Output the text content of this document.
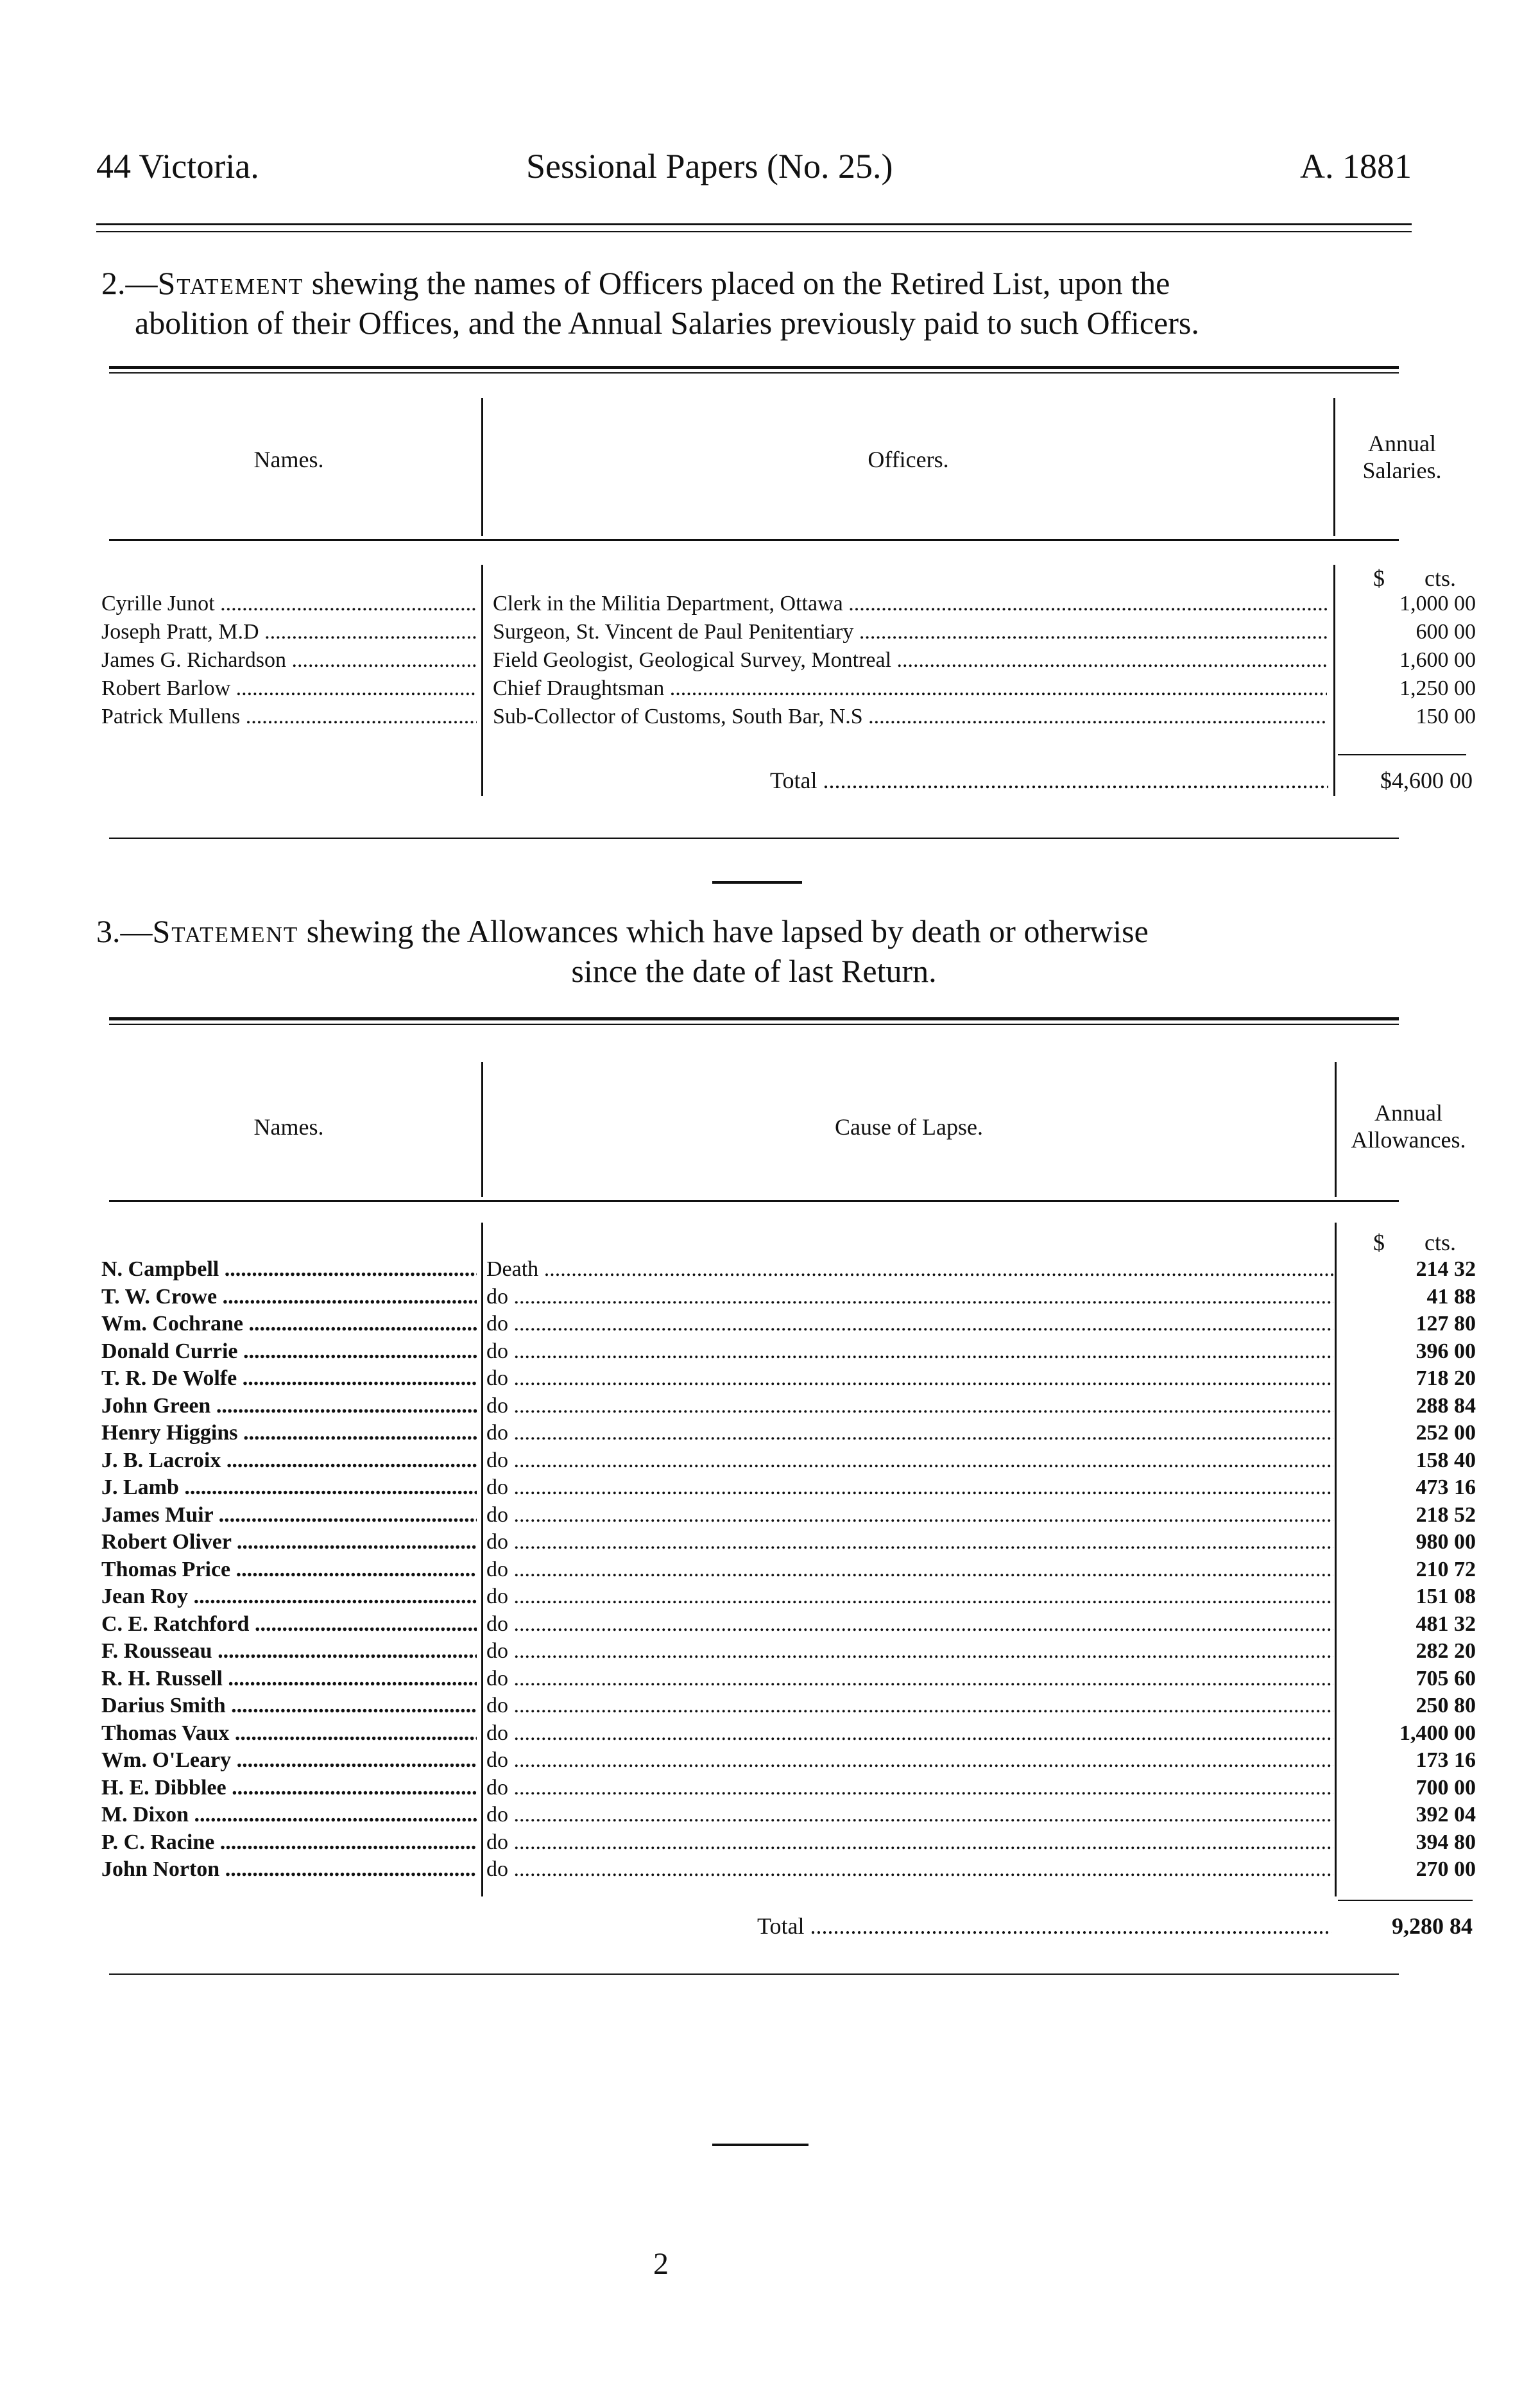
44 Victoria.	Sessional Papers (No. 25.)	A. 1881
2.—Statement shewing the names of Officers placed on the Retired List, upon the
abolition of their Offices, and the Annual Salaries previously paid to such Officers.
Names.	Officers.
Annual Salaries.
$ cts.
Cyrille Junot .....	Clerk in the Militia Department, Ottawa .....	1,000 00
Joseph Pratt, M.D .....	Surgeon, St. Vincent de Paul Penitentiary .....	600 00
James G. Richardson .....	Field Geologist, Geological Survey, Montreal .....	1,600 00
Robert Barlow .....	Chief Draughtsman .....	1,250 00
Patrick Mullens .....	Sub-Collector of Customs, South Bar, N.S .....	150 00
Total .....	$4,600 00
3.—Statement shewing the Allowances which have lapsed by death or otherwise
since the date of last Return.
Names.	Cause of Lapse.
Annual Allowances.
$ cts.
N. Campbell .....	Death .....	214 32
T. W. Crowe .....	do .....	41 88
Wm. Cochrane .....	do .....	127 80
Donald Currie .....	do .....	396 00
T. R. De Wolfe .....	do .....	718 20
John Green .....	do .....	288 84
Henry Higgins .....	do .....	252 00
J. B. Lacroix .....	do .....	158 40
J. Lamb .....	do .....	473 16
James Muir .....	do .....	218 52
Robert Oliver .....	do .....	980 00
Thomas Price .....	do .....	210 72
Jean Roy .....	do .....	151 08
C. E. Ratchford .....	do .....	481 32
F. Rousseau .....	do .....	282 20
R. H. Russell .....	do .....	705 60
Darius Smith .....	do .....	250 80
Thomas Vaux .....	do .....	1,400 00
Wm. O'Leary .....	do .....	173 16
H. E. Dibblee .....	do .....	700 00
M. Dixon .....	do .....	392 04
P. C. Racine .....	do .....	394 80
John Norton .....	do .....	270 00
Total .....	9,280 84
2
